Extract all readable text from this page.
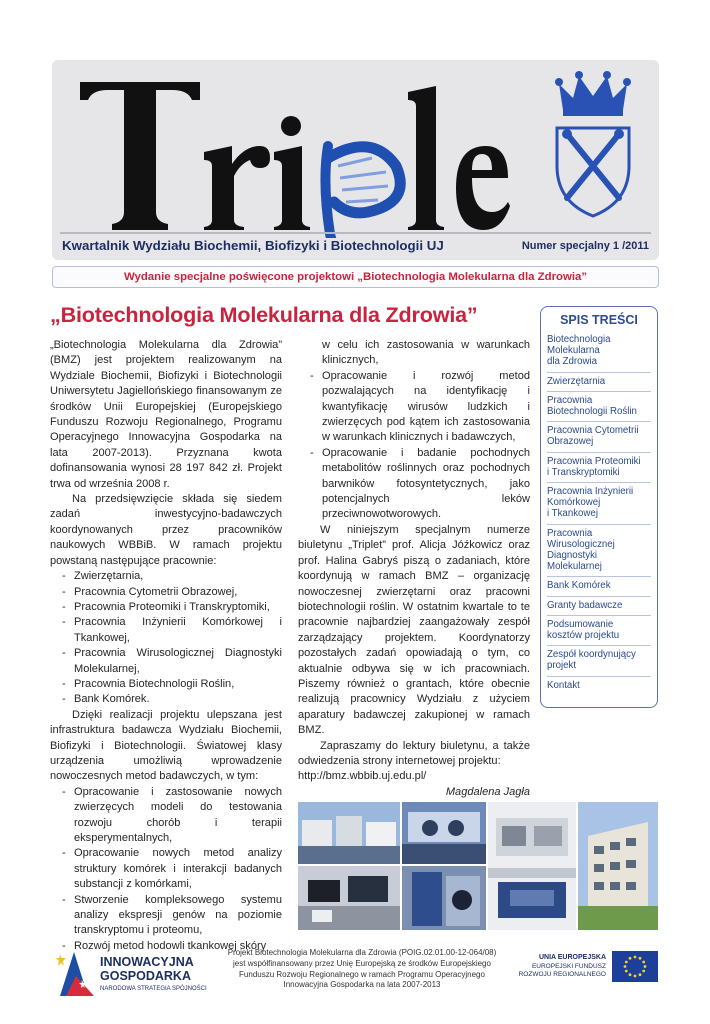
Kwartalnik Wydziału Biochemii, Biofizyki i Biotechnologii UJ	Numer specjalny 1 /2011
Wydanie specjalne poświęcone projektowi „Biotechnologia Molekularna dla Zdrowia”
„Biotechnologia Molekularna dla Zdrowia”

„Biotechnologia Molekularna dla Zdrowia” (BMZ) jest projektem realizowanym na Wydziale Biochemii, Biofizyki i Biotechnologii Uniwersytetu Jagiellońskiego finansowanym ze środków Unii Europejskiej (Europejskiego Funduszu Rozwoju Regionalnego, Programu Operacyjnego Innowacyjna Gospodarka na lata 2007-2013). Przyznana kwota dofinansowania wynosi 28 197 842 zł. Projekt trwa od września 2008 r.

Na przedsięwzięcie składa się siedem zadań inwestycyjno-badawczych koordynowanych przez pracowników naukowych WBBiB. W ramach projektu powstaną następujące pracownie:

- Zwierzętarnia,
- Pracownia Cytometrii Obrazowej,
- Pracownia Proteomiki i Transkryptomiki,
- Pracownia Inżynierii Komórkowej i Tkankowej,
- Pracownia Wirusologicznej Diagnostyki Molekularnej,
- Pracownia Biotechnologii Roślin,
- Bank Komórek.

Dzięki realizacji projektu ulepszana jest infrastruktura badawcza Wydziału Biochemii, Biofizyki i Biotechnologii. Światowej klasy urządzenia umożliwią wprowadzenie nowoczesnych metod badawczych, w tym:

- Opracowanie i zastosowanie nowych zwierzęcych modeli do testowania rozwoju chorób i terapii eksperymentalnych,
- Opracowanie nowych metod analizy struktury komórek i interakcji badanych substancji z komórkami,
- Stworzenie kompleksowego systemu analizy ekspresji genów na poziomie transkryptomu i proteomu,
- Rozwój metod hodowli tkankowej skóry

w celu ich zastosowania w warunkach klinicznych,

- Opracowanie i rozwój metod pozwalających na identyfikację i kwantyfikację wirusów ludzkich i zwierzęcych pod kątem ich zastosowania w warunkach klinicznych i badawczych,
- Opracowanie i badanie pochodnych metabolitów roślinnych oraz pochodnych barwników fotosyntetycznych, jako potencjalnych leków przeciwnowotworowych.

W niniejszym specjalnym numerze biuletynu „Triplet” prof. Alicja Jóźkowicz oraz prof. Halina Gabryś piszą o zadaniach, które koordynują w ramach BMZ – organizację nowoczesnej zwierzętarni oraz pracowni biotechnologii roślin. W ostatnim kwartale to te pracownie najbardziej zaangażowały zespół zarządzający projektem. Koordynatorzy pozostałych zadań opowiadają o tym, co aktualnie odbywa się w ich pracowniach. Piszemy również o grantach, które obecnie realizują pracownicy Wydziału z użyciem aparatury badawczej zakupionej w ramach BMZ.

Zapraszamy do lektury biuletynu, a także odwiedzenia strony internetowej projektu:

http://bmz.wbbib.uj.edu.pl/

Magdalena Jagła

SPIS TREŚCI
Biotechnologia
Molekularna
dla Zdrowia
Zwierzętarnia
Pracownia
Biotechnologii Roślin
Pracownia Cytometrii
Obrazowej
Pracownia Proteomiki
i Transkryptomiki
Pracownia Inżynierii
Komórkowej
i Tkankowej
Pracownia
Wirusologicznej
Diagnostyki
Molekularnej
Bank Komórek
Granty badawcze
Podsumowanie
kosztów projektu
Zespół koordynujący
projekt
Kontakt
INNOWACYJNA
GOSPODARKA
NARODOWA STRATEGIA SPÓJNOŚCI
Projekt Biotechnologia Molekularna dla Zdrowia (POIG.02.01.00-12-064/08) jest współfinansowany przez Unię Europejską ze środków Europejskiego Funduszu Rozwoju Regionalnego w ramach Programu Operacyjnego Innowacyjna Gospodarka na lata 2007-2013
UNIA EUROPEJSKA
EUROPEJSKI FUNDUSZ
ROZWOJU REGIONALNEGO
